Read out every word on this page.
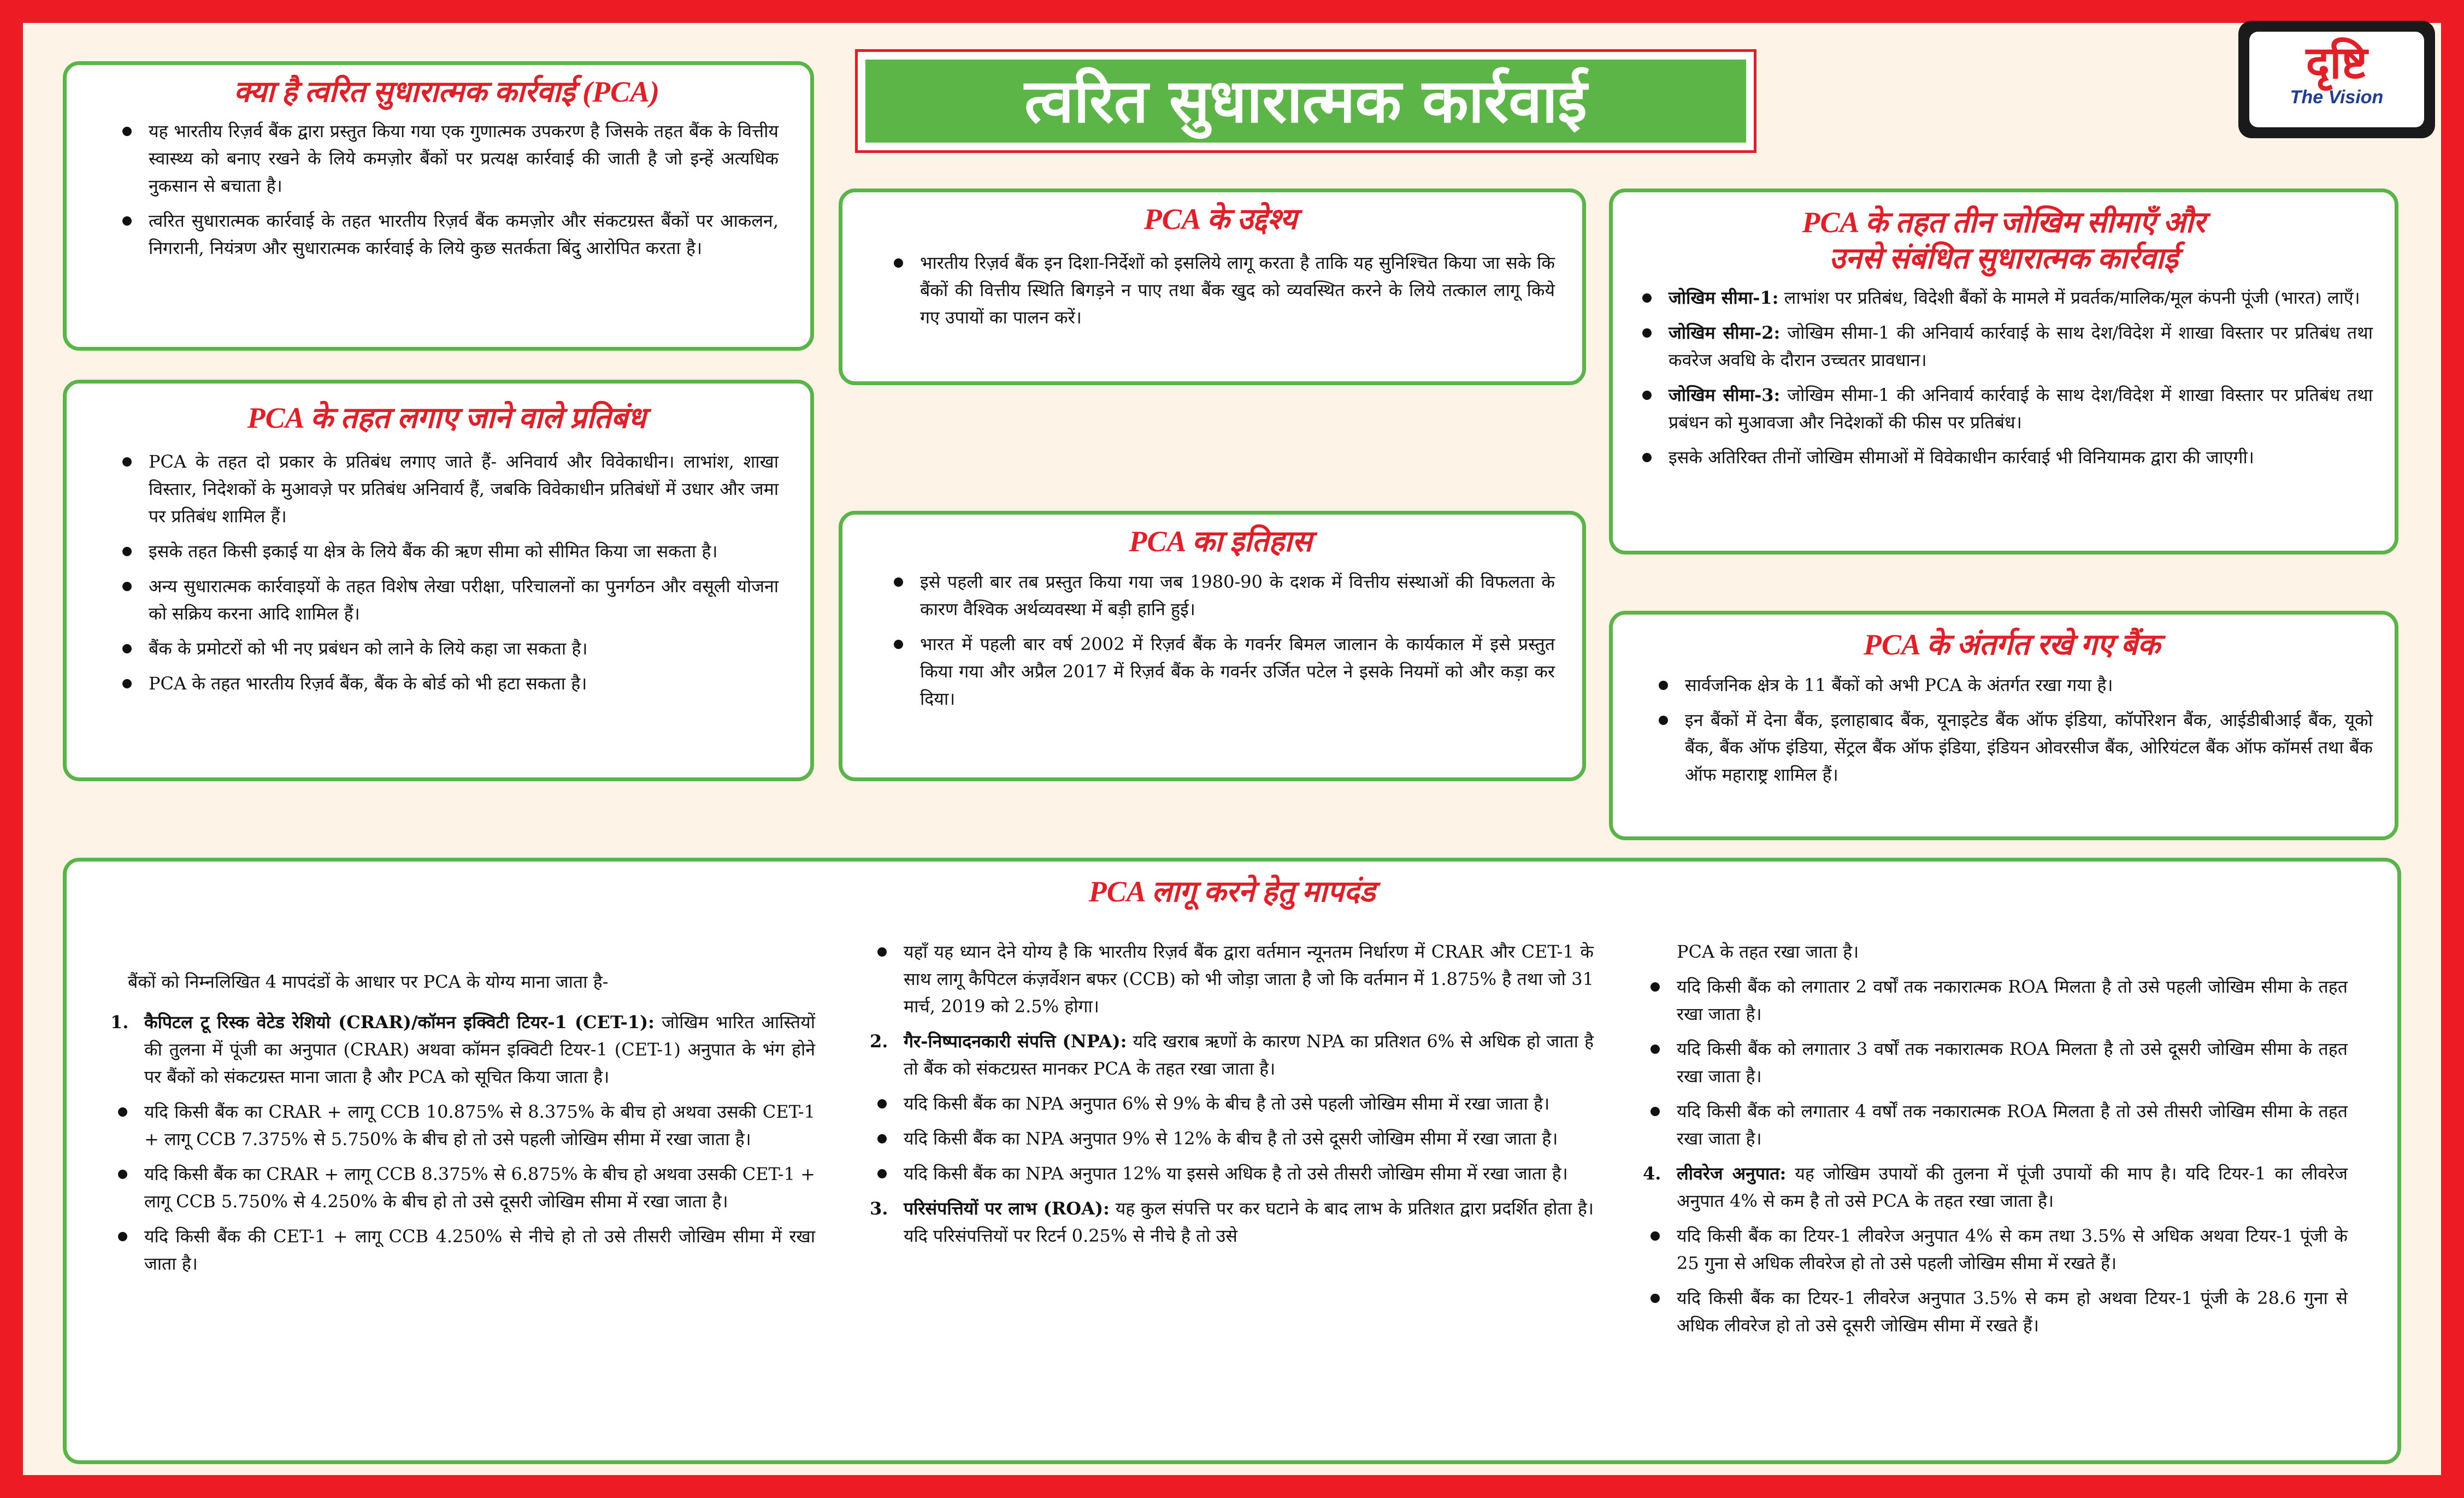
त्वरित सुधारात्मक कार्रवाई
दृष्टि
The Vision
क्या है त्वरित सुधारात्मक कार्रवाई (PCA)
यह भारतीय रिज़र्व बैंक द्वारा प्रस्तुत किया गया एक गुणात्मक उपकरण है जिसके तहत बैंक के वित्तीय स्वास्थ्य को बनाए रखने के लिये कमज़ोर बैंकों पर प्रत्यक्ष कार्रवाई की जाती है जो इन्हें अत्यधिक नुकसान से बचाता है।
त्वरित सुधारात्मक कार्रवाई के तहत भारतीय रिज़र्व बैंक कमज़ोर और संकटग्रस्त बैंकों पर आकलन, निगरानी, नियंत्रण और सुधारात्मक कार्रवाई के लिये कुछ सतर्कता बिंदु आरोपित करता है।
PCA के तहत लगाए जाने वाले प्रतिबंध
PCA के तहत दो प्रकार के प्रतिबंध लगाए जाते हैं- अनिवार्य और विवेकाधीन। लाभांश, शाखा विस्तार, निदेशकों के मुआवज़े पर प्रतिबंध अनिवार्य हैं, जबकि विवेकाधीन प्रतिबंधों में उधार और जमा पर प्रतिबंध शामिल हैं।
इसके तहत किसी इकाई या क्षेत्र के लिये बैंक की ऋण सीमा को सीमित किया जा सकता है।
अन्य सुधारात्मक कार्रवाइयों के तहत विशेष लेखा परीक्षा, परिचालनों का पुनर्गठन और वसूली योजना को सक्रिय करना आदि शामिल हैं।
बैंक के प्रमोटरों को भी नए प्रबंधन को लाने के लिये कहा जा सकता है।
PCA के तहत भारतीय रिज़र्व बैंक, बैंक के बोर्ड को भी हटा सकता है।
PCA के उद्देश्य
भारतीय रिज़र्व बैंक इन दिशा-निर्देशों को इसलिये लागू करता है ताकि यह सुनिश्चित किया जा सके कि बैंकों की वित्तीय स्थिति बिगड़ने न पाए तथा बैंक खुद को व्यवस्थित करने के लिये तत्काल लागू किये गए उपायों का पालन करें।
PCA का इतिहास
इसे पहली बार तब प्रस्तुत किया गया जब 1980-90 के दशक में वित्तीय संस्थाओं की विफलता के कारण वैश्विक अर्थव्यवस्था में बड़ी हानि हुई।
भारत में पहली बार वर्ष 2002 में रिज़र्व बैंक के गवर्नर बिमल जालान के कार्यकाल में इसे प्रस्तुत किया गया और अप्रैल 2017 में रिज़र्व बैंक के गवर्नर उर्जित पटेल ने इसके नियमों को और कड़ा कर दिया।
PCA के तहत तीन जोखिम सीमाएँ और
उनसे संबंधित सुधारात्मक कार्रवाई
जोखिम सीमा-1: लाभांश पर प्रतिबंध, विदेशी बैंकों के मामले में प्रवर्तक/मालिक/मूल कंपनी पूंजी (भारत) लाएँ।
जोखिम सीमा-2: जोखिम सीमा-1 की अनिवार्य कार्रवाई के साथ देश/विदेश में शाखा विस्तार पर प्रतिबंध तथा कवरेज अवधि के दौरान उच्चतर प्रावधान।
जोखिम सीमा-3: जोखिम सीमा-1 की अनिवार्य कार्रवाई के साथ देश/विदेश में शाखा विस्तार पर प्रतिबंध तथा प्रबंधन को मुआवजा और निदेशकों की फीस पर प्रतिबंध।
इसके अतिरिक्त तीनों जोखिम सीमाओं में विवेकाधीन कार्रवाई भी विनियामक द्वारा की जाएगी।
PCA के अंतर्गत रखे गए बैंक
सार्वजनिक क्षेत्र के 11 बैंकों को अभी PCA के अंतर्गत रखा गया है।
इन बैंकों में देना बैंक, इलाहाबाद बैंक, यूनाइटेड बैंक ऑफ इंडिया, कॉर्पोरेशन बैंक, आईडीबीआई बैंक, यूको बैंक, बैंक ऑफ इंडिया, सेंट्रल बैंक ऑफ इंडिया, इंडियन ओवरसीज बैंक, ओरियंटल बैंक ऑफ कॉमर्स तथा बैंक ऑफ महाराष्ट्र शामिल हैं।
PCA लागू करने हेतु मापदंड
बैंकों को निम्नलिखित 4 मापदंडों के आधार पर PCA के योग्य माना जाता है-
1. कैपिटल टू रिस्क वेटेड रेशियो (CRAR)/कॉमन इक्विटी टियर-1 (CET-1): जोखिम भारित आस्तियों की तुलना में पूंजी का अनुपात (CRAR) अथवा कॉमन इक्विटी टियर-1 (CET-1) अनुपात के भंग होने पर बैंकों को संकटग्रस्त माना जाता है और PCA को सूचित किया जाता है।
यदि किसी बैंक का CRAR + लागू CCB 10.875% से 8.375% के बीच हो अथवा उसकी CET-1 + लागू CCB 7.375% से 5.750% के बीच हो तो उसे पहली जोखिम सीमा में रखा जाता है।
यदि किसी बैंक का CRAR + लागू CCB 8.375% से 6.875% के बीच हो अथवा उसकी CET-1 + लागू CCB 5.750% से 4.250% के बीच हो तो उसे दूसरी जोखिम सीमा में रखा जाता है।
यदि किसी बैंक की CET-1 + लागू CCB 4.250% से नीचे हो तो उसे तीसरी जोखिम सीमा में रखा जाता है।
यहाँ यह ध्यान देने योग्य है कि भारतीय रिज़र्व बैंक द्वारा वर्तमान न्यूनतम निर्धारण में CRAR और CET-1 के साथ लागू कैपिटल कंज़र्वेशन बफर (CCB) को भी जोड़ा जाता है जो कि वर्तमान में 1.875% है तथा जो 31 मार्च, 2019 को 2.5% होगा।
2. गैर-निष्पादनकारी संपत्ति (NPA): यदि खराब ऋणों के कारण NPA का प्रतिशत 6% से अधिक हो जाता है तो बैंक को संकटग्रस्त मानकर PCA के तहत रखा जाता है।
यदि किसी बैंक का NPA अनुपात 6% से 9% के बीच है तो उसे पहली जोखिम सीमा में रखा जाता है।
यदि किसी बैंक का NPA अनुपात 9% से 12% के बीच है तो उसे दूसरी जोखिम सीमा में रखा जाता है।
यदि किसी बैंक का NPA अनुपात 12% या इससे अधिक है तो उसे तीसरी जोखिम सीमा में रखा जाता है।
3. परिसंपत्तियों पर लाभ (ROA): यह कुल संपत्ति पर कर घटाने के बाद लाभ के प्रतिशत द्वारा प्रदर्शित होता है। यदि परिसंपत्तियों पर रिटर्न 0.25% से नीचे है तो उसे
PCA के तहत रखा जाता है।
यदि किसी बैंक को लगातार 2 वर्षों तक नकारात्मक ROA मिलता है तो उसे पहली जोखिम सीमा के तहत रखा जाता है।
यदि किसी बैंक को लगातार 3 वर्षों तक नकारात्मक ROA मिलता है तो उसे दूसरी जोखिम सीमा के तहत रखा जाता है।
यदि किसी बैंक को लगातार 4 वर्षों तक नकारात्मक ROA मिलता है तो उसे तीसरी जोखिम सीमा के तहत रखा जाता है।
4. लीवरेज अनुपात: यह जोखिम उपायों की तुलना में पूंजी उपायों की माप है। यदि टियर-1 का लीवरेज अनुपात 4% से कम है तो उसे PCA के तहत रखा जाता है।
यदि किसी बैंक का टियर-1 लीवरेज अनुपात 4% से कम तथा 3.5% से अधिक अथवा टियर-1 पूंजी के 25 गुना से अधिक लीवरेज हो तो उसे पहली जोखिम सीमा में रखते हैं।
यदि किसी बैंक का टियर-1 लीवरेज अनुपात 3.5% से कम हो अथवा टियर-1 पूंजी के 28.6 गुना से अधिक लीवरेज हो तो उसे दूसरी जोखिम सीमा में रखते हैं।
